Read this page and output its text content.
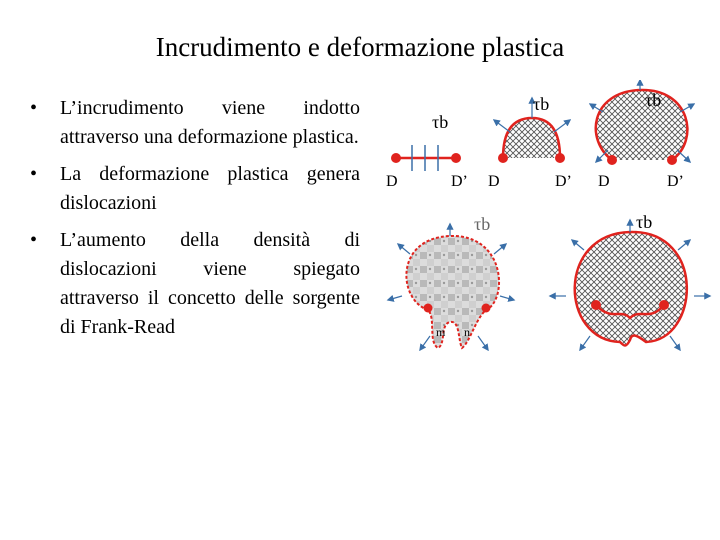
Incrudimento e deformazione plastica
• L’incrudimento viene indotto attraverso una deformazione plastica.
• La deformazione plastica genera dislocazioni
• L’aumento della densità di dislocazioni viene spiegato attraverso il concetto delle sorgente di Frank-Read
τb
D	D’
τb
D	D’
τb
D	D’
τb
m n
τb
